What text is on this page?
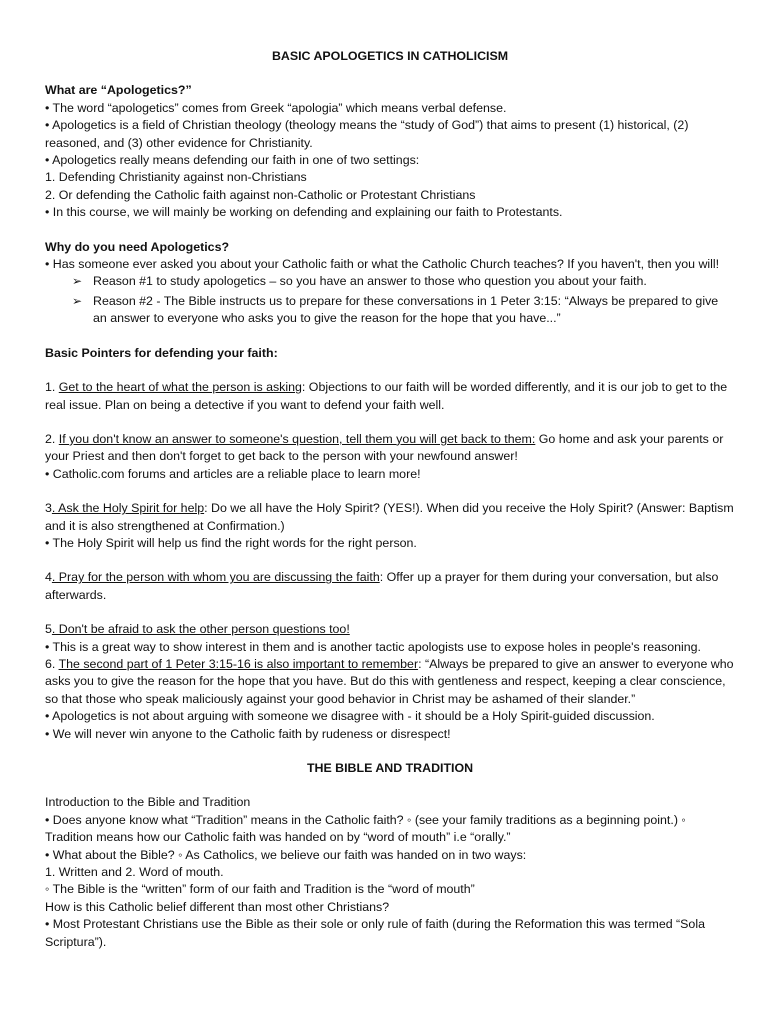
BASIC APOLOGETICS IN CATHOLICISM

What are “Apologetics?”

• The word “apologetics” comes from Greek “apologia” which means verbal defense.

• Apologetics is a field of Christian theology (theology means the “study of God”) that aims to present (1) historical, (2) reasoned, and (3) other evidence for Christianity.

• Apologetics really means defending our faith in one of two settings:

1. Defending Christianity against non-Christians

2. Or defending the Catholic faith against non-Catholic or Protestant Christians

• In this course, we will mainly be working on defending and explaining our faith to Protestants.

Why do you need Apologetics?

• Has someone ever asked you about your Catholic faith or what the Catholic Church teaches? If you haven't, then you will!

➢ Reason #1 to study apologetics – so you have an answer to those who question you about your faith.
➢ Reason #2 - The Bible instructs us to prepare for these conversations in 1 Peter 3:15: “Always be prepared to give an answer to everyone who asks you to give the reason for the hope that you have...”

Basic Pointers for defending your faith:

1. Get to the heart of what the person is asking: Objections to our faith will be worded differently, and it is our job to get to the real issue. Plan on being a detective if you want to defend your faith well.

2. If you don't know an answer to someone's question, tell them you will get back to them: Go home and ask your parents or your Priest and then don't forget to get back to the person with your newfound answer!

• Catholic.com forums and articles are a reliable place to learn more!

3. Ask the Holy Spirit for help: Do we all have the Holy Spirit? (YES!). When did you receive the Holy Spirit? (Answer: Baptism and it is also strengthened at Confirmation.)

• The Holy Spirit will help us find the right words for the right person.

4. Pray for the person with whom you are discussing the faith: Offer up a prayer for them during your conversation, but also afterwards.

5. Don't be afraid to ask the other person questions too!

• This is a great way to show interest in them and is another tactic apologists use to expose holes in people's reasoning.

6. The second part of 1 Peter 3:15-16 is also important to remember: “Always be prepared to give an answer to everyone who asks you to give the reason for the hope that you have. But do this with gentleness and respect, keeping a clear conscience, so that those who speak maliciously against your good behavior in Christ may be ashamed of their slander.”

• Apologetics is not about arguing with someone we disagree with - it should be a Holy Spirit-guided discussion.

• We will never win anyone to the Catholic faith by rudeness or disrespect!

THE BIBLE AND TRADITION

Introduction to the Bible and Tradition

• Does anyone know what “Tradition” means in the Catholic faith? ◦ (see your family traditions as a beginning point.) ◦ Tradition means how our Catholic faith was handed on by “word of mouth” i.e “orally.”

• What about the Bible? ◦ As Catholics, we believe our faith was handed on in two ways:

1. Written and 2. Word of mouth.

◦ The Bible is the “written” form of our faith and Tradition is the “word of mouth”

How is this Catholic belief different than most other Christians?

• Most Protestant Christians use the Bible as their sole or only rule of faith (during the Reformation this was termed “Sola Scriptura”).
